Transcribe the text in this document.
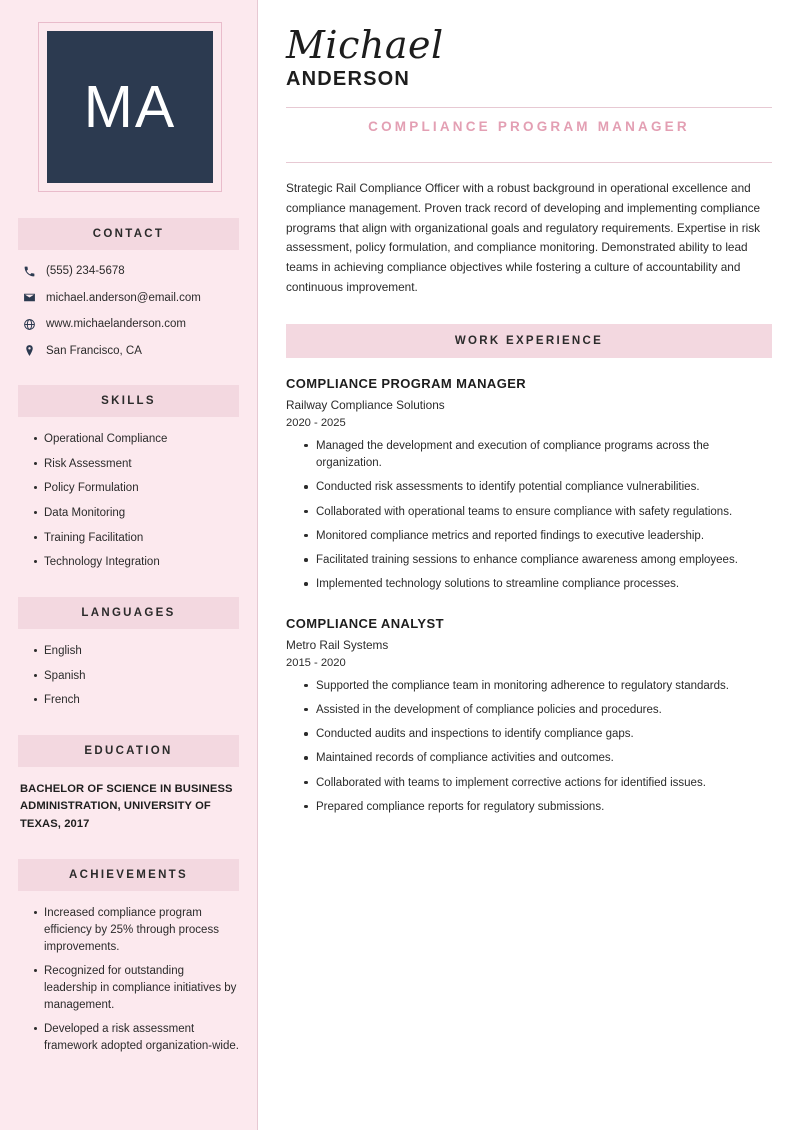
MA
CONTACT
(555) 234-5678
michael.anderson@email.com
www.michaelanderson.com
San Francisco, CA
SKILLS
Operational Compliance
Risk Assessment
Policy Formulation
Data Monitoring
Training Facilitation
Technology Integration
LANGUAGES
English
Spanish
French
EDUCATION
BACHELOR OF SCIENCE IN BUSINESS ADMINISTRATION, UNIVERSITY OF TEXAS, 2017
ACHIEVEMENTS
Increased compliance program efficiency by 25% through process improvements.
Recognized for outstanding leadership in compliance initiatives by management.
Developed a risk assessment framework adopted organization-wide.
Michael
ANDERSON
COMPLIANCE PROGRAM MANAGER

Strategic Rail Compliance Officer with a robust background in operational excellence and compliance management. Proven track record of developing and implementing compliance programs that align with organizational goals and regulatory requirements. Expertise in risk assessment, policy formulation, and compliance monitoring. Demonstrated ability to lead teams in achieving compliance objectives while fostering a culture of accountability and continuous improvement.

WORK EXPERIENCE
COMPLIANCE PROGRAM MANAGER
Railway Compliance Solutions
2020 - 2025
Managed the development and execution of compliance programs across the organization.
Conducted risk assessments to identify potential compliance vulnerabilities.
Collaborated with operational teams to ensure compliance with safety regulations.
Monitored compliance metrics and reported findings to executive leadership.
Facilitated training sessions to enhance compliance awareness among employees.
Implemented technology solutions to streamline compliance processes.
COMPLIANCE ANALYST
Metro Rail Systems
2015 - 2020
Supported the compliance team in monitoring adherence to regulatory standards.
Assisted in the development of compliance policies and procedures.
Conducted audits and inspections to identify compliance gaps.
Maintained records of compliance activities and outcomes.
Collaborated with teams to implement corrective actions for identified issues.
Prepared compliance reports for regulatory submissions.
